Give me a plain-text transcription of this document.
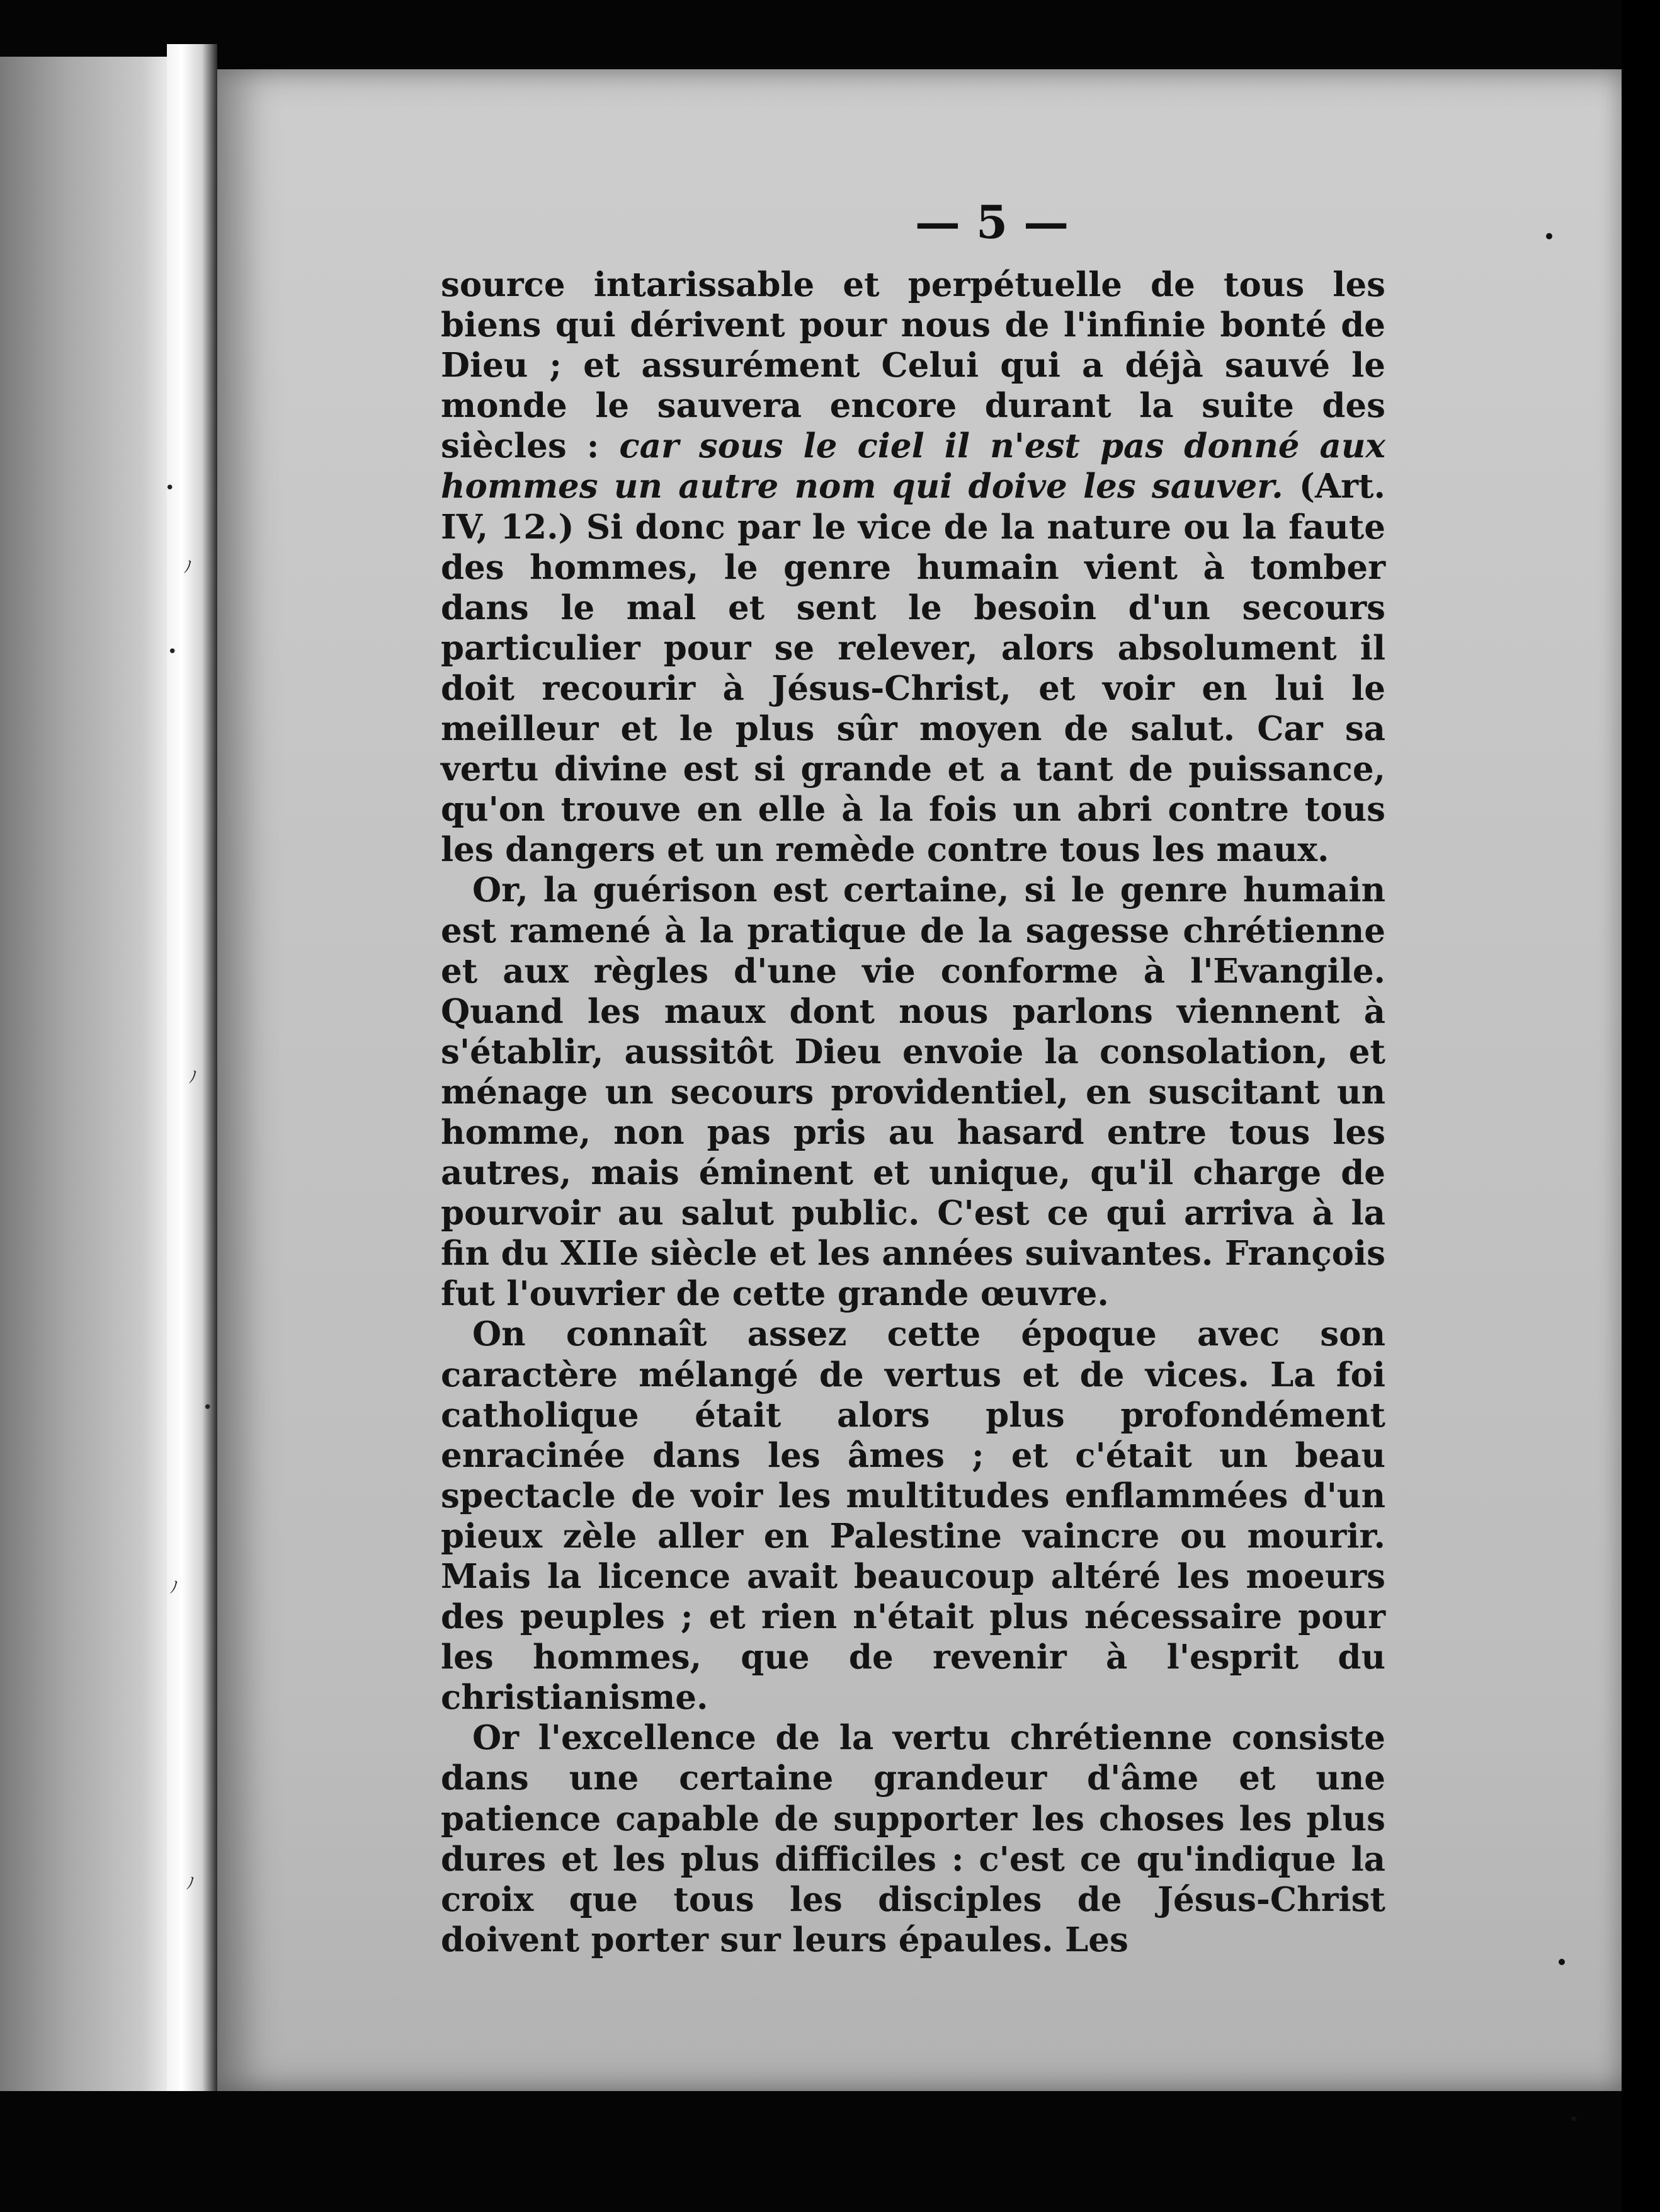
•
ﾉ
•
ﾉ
•
ﾉ
ﾉ
— 5 —

source intarissable et perpétuelle de tous les biens qui dérivent pour nous de l'infinie bonté de Dieu ; et assurément Celui qui a déjà sauvé le monde le sauvera encore durant la suite des siècles : car sous le ciel il n'est pas donné aux hommes un autre nom qui doive les sauver. (Art. IV, 12.) Si donc par le vice de la nature ou la faute des hommes, le genre humain vient à tomber dans le mal et sent le besoin d'un secours particulier pour se relever, alors absolument il doit recourir à Jésus-Christ, et voir en lui le meilleur et le plus sûr moyen de salut. Car sa vertu divine est si grande et a tant de puissance, qu'on trouve en elle à la fois un abri contre tous les dangers et un remède contre tous les maux.

Or, la guérison est certaine, si le genre humain est ramené à la pratique de la sagesse chrétienne et aux règles d'une vie conforme à l'Evangile. Quand les maux dont nous parlons viennent à s'établir, aussitôt Dieu envoie la consolation, et ménage un secours providentiel, en suscitant un homme, non pas pris au hasard entre tous les autres, mais éminent et unique, qu'il charge de pourvoir au salut public. C'est ce qui arriva à la fin du XIIe siècle et les années suivantes. François fut l'ouvrier de cette grande œuvre.

On connaît assez cette époque avec son caractère mélangé de vertus et de vices. La foi catholique était alors plus profondément enracinée dans les âmes ; et c'était un beau spectacle de voir les multitudes enflammées d'un pieux zèle aller en Palestine vaincre ou mourir. Mais la licence avait beaucoup altéré les moeurs des peuples ; et rien n'était plus nécessaire pour les hommes, que de revenir à l'esprit du christianisme.

Or l'excellence de la vertu chrétienne consiste dans une certaine grandeur d'âme et une patience capable de supporter les choses les plus dures et les plus difficiles : c'est ce qu'indique la croix que tous les disciples de Jésus-Christ doivent porter sur leurs épaules. Les
